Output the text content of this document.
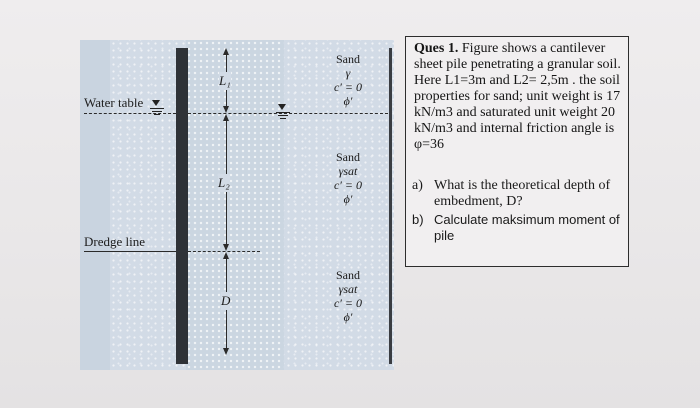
Water table
Dredge line
L₁
L₂
D
Sand
γ
c′ = 0
ϕ′
Sand
γsat
c′ = 0
ϕ′
Sand
γsat
c′ = 0
ϕ′
Ques 1. Figure shows a cantilever sheet pile penetrating a granular soil. Here L1=3m and L2= 2,5m . the soil properties for sand; unit weight is 17 kN/m3 and saturated unit weight 20 kN/m3 and internal friction angle is φ=36
a) What is the theoretical depth of embedment, D?
b) Calculate maksimum moment of pile
